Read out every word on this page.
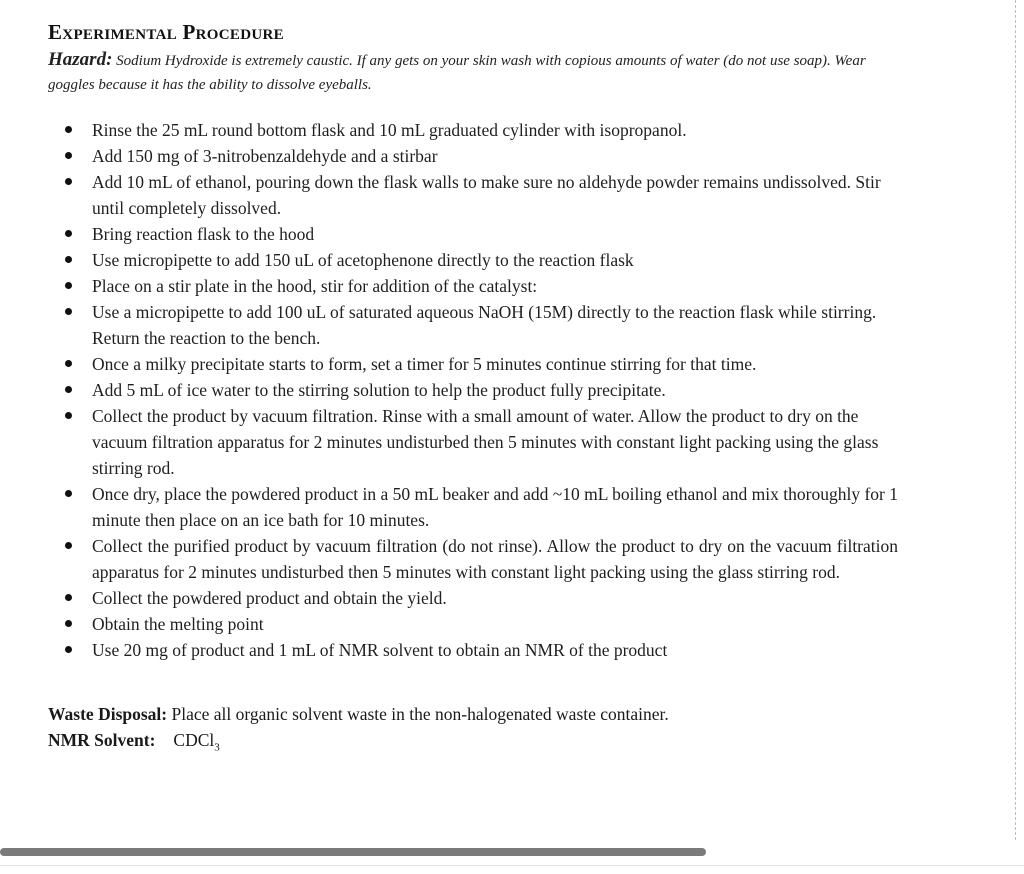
Experimental Procedure

Hazard: Sodium Hydroxide is extremely caustic. If any gets on your skin wash with copious amounts of water (do not use soap). Wear goggles because it has the ability to dissolve eyeballs.

Rinse the 25 mL round bottom flask and 10 mL graduated cylinder with isopropanol.
Add 150 mg of 3-nitrobenzaldehyde and a stirbar
Add 10 mL of ethanol, pouring down the flask walls to make sure no aldehyde powder remains undissolved. Stir until completely dissolved.
Bring reaction flask to the hood
Use micropipette to add 150 uL of acetophenone directly to the reaction flask
Place on a stir plate in the hood, stir for addition of the catalyst:
Use a micropipette to add 100 uL of saturated aqueous NaOH (15M) directly to the reaction flask while stirring. Return the reaction to the bench.
Once a milky precipitate starts to form, set a timer for 5 minutes continue stirring for that time.
Add 5 mL of ice water to the stirring solution to help the product fully precipitate.
Collect the product by vacuum filtration. Rinse with a small amount of water. Allow the product to dry on the vacuum filtration apparatus for 2 minutes undisturbed then 5 minutes with constant light packing using the glass stirring rod.
Once dry, place the powdered product in a 50 mL beaker and add ~10 mL boiling ethanol and mix thoroughly for 1 minute then place on an ice bath for 10 minutes.
Collect the purified product by vacuum filtration (do not rinse). Allow the product to dry on the vacuum filtration apparatus for 2 minutes undisturbed then 5 minutes with constant light packing using the glass stirring rod.
Collect the powdered product and obtain the yield.
Obtain the melting point
Use 20 mg of product and 1 mL of NMR solvent to obtain an NMR of the product

Waste Disposal: Place all organic solvent waste in the non-halogenated waste container.

NMR Solvent: CDCl$_3$
